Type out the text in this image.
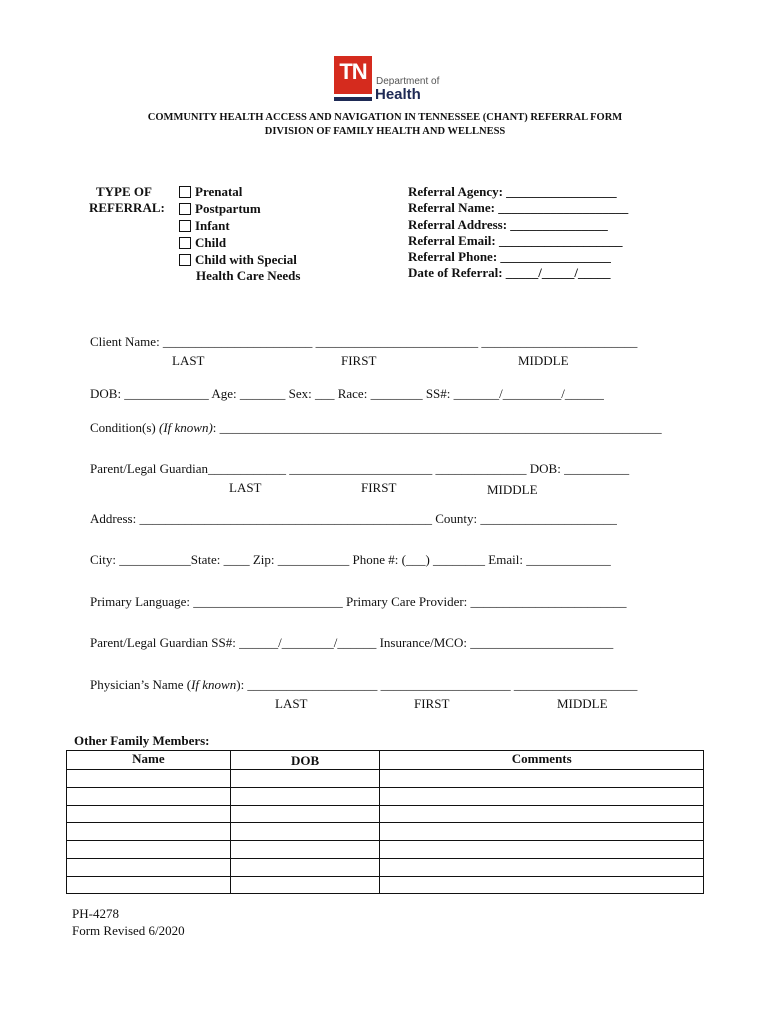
TN Department of
Health
COMMUNITY HEALTH ACCESS AND NAVIGATION IN TENNESSEE (CHANT) REFERRAL FORM
DIVISION OF FAMILY HEALTH AND WELLNESS
TYPE OF
REFERRAL:
Prenatal
Postpartum
Infant
Child
Child with Special
Health Care Needs
Referral Agency: _________________
Referral Name: ____________________
Referral Address: _______________
Referral Email: ___________________
Referral Phone: _________________
Date of Referral: _____/_____/_____
Client Name: _______________________ _________________________ ________________________
LAST	FIRST	MIDDLE
DOB: _____________ Age: _______ Sex: ___ Race: ________ SS#: _______/_________/______
Condition(s) (If known): ____________________________________________________________________
Parent/Legal Guardian____________ ______________________ ______________ DOB: __________
LAST	FIRST	MIDDLE
Address: _____________________________________________ County: _____________________
City: ___________State: ____ Zip: ___________ Phone #: (___) ________ Email: _____________
Primary Language: _______________________ Primary Care Provider: ________________________
Parent/Legal Guardian SS#: ______/________/______ Insurance/MCO: ______________________
Physician’s Name (If known): ____________________ ____________________ ___________________
LAST	FIRST	MIDDLE
Other Family Members:
Name	DOB	Comments

PH-4278
Form Revised 6/2020
